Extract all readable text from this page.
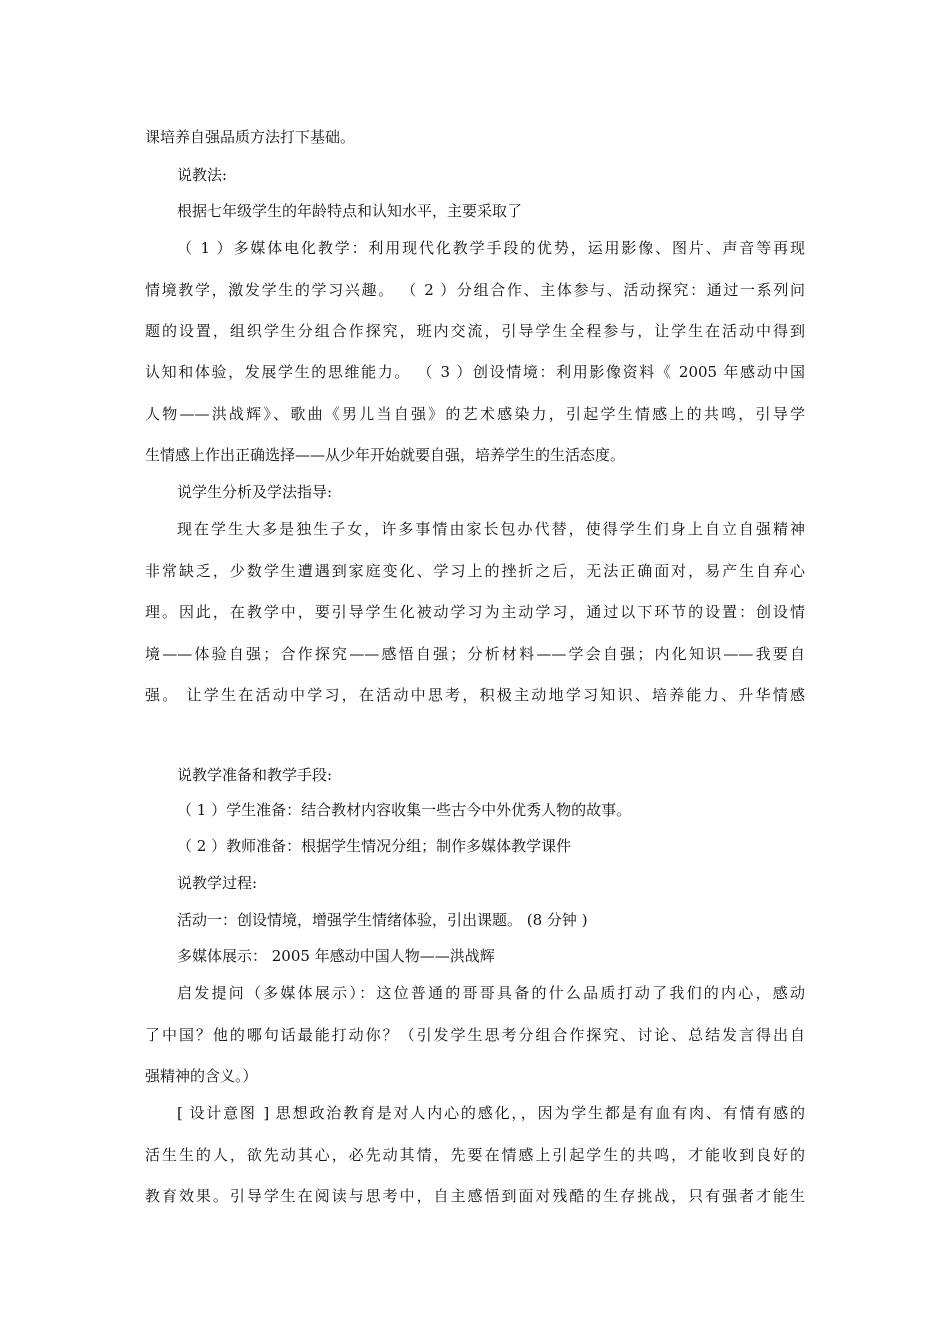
课培养自强品质方法打下基础。
说教法:
根据七年级学生的年龄特点和认知水平，主要采取了
（ 1 ）多媒体电化教学：利用现代化教学手段的优势，运用影像、图片、声音等再现
情境教学，激发学生的学习兴趣。 （ 2 ）分组合作、主体参与、活动探究：通过一系列问
题的设置，组织学生分组合作探究，班内交流，引导学生全程参与，让学生在活动中得到
认知和体验，发展学生的思维能力。 （ 3 ）创设情境：利用影像资料《 2005 年感动中国
人物——洪战辉》、歌曲《男儿当自强》的艺术感染力，引起学生情感上的共鸣，引导学
生情感上作出正确选择——从少年开始就要自强，培养学生的生活态度。
说学生分析及学法指导:
现在学生大多是独生子女，许多事情由家长包办代替，使得学生们身上自立自强精神
非常缺乏，少数学生遭遇到家庭变化、学习上的挫折之后，无法正确面对，易产生自弃心
理。因此，在教学中，要引导学生化被动学习为主动学习，通过以下环节的设置：创设情
境——体验自强；合作探究——感悟自强；分析材料——学会自强；内化知识——我要自
强。 让学生在活动中学习，在活动中思考，积极主动地学习知识、培养能力、升华情感
说教学准备和教学手段:
（ 1 ）学生准备：结合教材内容收集一些古今中外优秀人物的故事。
（ 2 ）教师准备：根据学生情况分组；制作多媒体教学课件
说教学过程:
活动一：创设情境，增强学生情绪体验，引出课题。 (8 分钟 )
多媒体展示： 2005 年感动中国人物——洪战辉
启发提问（多媒体展示）：这位普通的哥哥具备的什么品质打动了我们的内心，感动
了中国？他的哪句话最能打动你？（引发学生思考分组合作探究、讨论、总结发言得出自
强精神的含义。）
[ 设计意图 ] 思想政治教育是对人内心的感化，，因为学生都是有血有肉、有情有感的
活生生的人，欲先动其心，必先动其情，先要在情感上引起学生的共鸣，才能收到良好的
教育效果。引导学生在阅读与思考中，自主感悟到面对残酷的生存挑战，只有强者才能生
